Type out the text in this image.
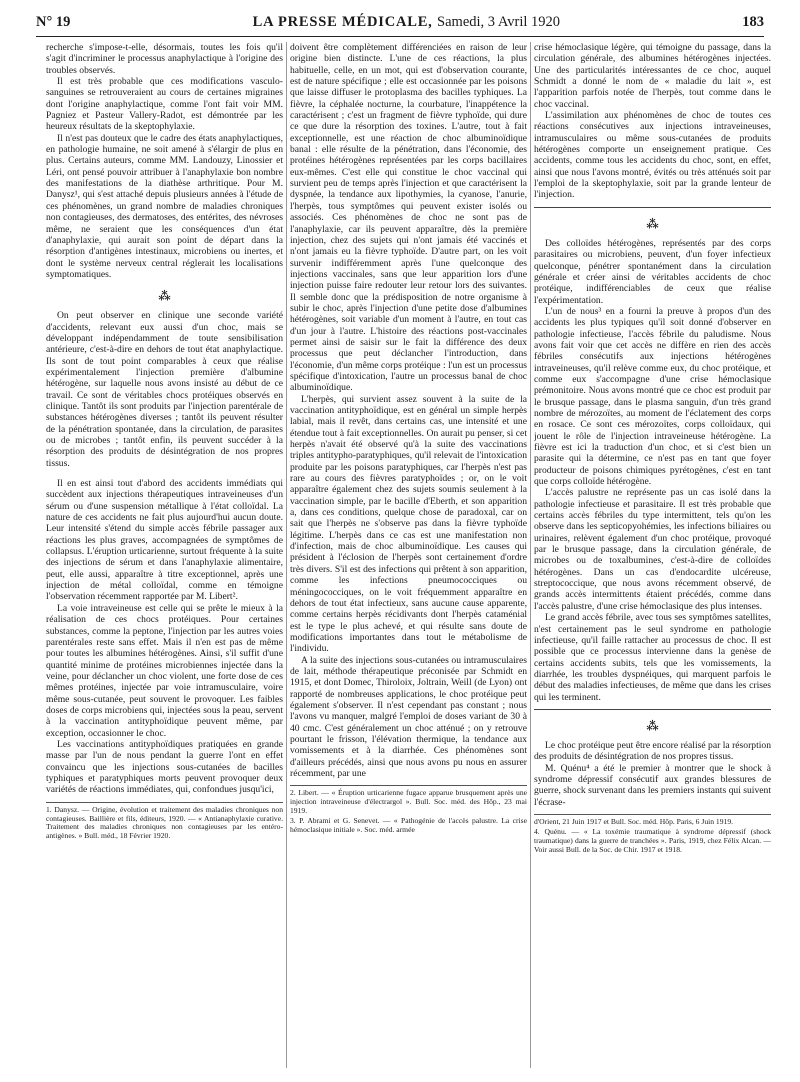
N° 19	LA PRESSE MÉDICALE, Samedi, 3 Avril 1920	183

recherche s'impose-t-elle, désormais, toutes les fois qu'il s'agit d'incriminer le processus anaphylactique à l'origine des troubles observés.

Il est très probable que ces modifications vasculo-sanguines se retrouveraient au cours de certaines migraines dont l'origine anaphylactique, comme l'ont fait voir MM. Pagniez et Pasteur Vallery-Radot, est démontrée par les heureux résultats de la skeptophylaxie.

Il n'est pas douteux que le cadre des états anaphylactiques, en pathologie humaine, ne soit amené à s'élargir de plus en plus. Certains auteurs, comme MM. Landouzy, Linossier et Léri, ont pensé pouvoir attribuer à l'anaphylaxie bon nombre des manifestations de la diathèse arthritique. Pour M. Danysz¹, qui s'est attaché depuis plusieurs années à l'étude de ces phénomènes, un grand nombre de maladies chroniques non contagieuses, des dermatoses, des entérites, des névroses même, ne seraient que les conséquences d'un état d'anaphylaxie, qui aurait son point de départ dans la résorption d'antigènes intestinaux, microbiens ou inertes, et dont le système nerveux central réglerait les localisations symptomatiques.

⁂

On peut observer en clinique une seconde variété d'accidents, relevant eux aussi d'un choc, mais se développant indépendamment de toute sensibilisation antérieure, c'est-à-dire en dehors de tout état anaphylactique. Ils sont de tout point comparables à ceux que réalise expérimentalement l'injection première d'albumine hétérogène, sur laquelle nous avons insisté au début de ce travail. Ce sont de véritables chocs protéiques observés en clinique. Tantôt ils sont produits par l'injection parentérale de substances hétérogènes diverses ; tantôt ils peuvent résulter de la pénétration spontanée, dans la circulation, de parasites ou de microbes ; tantôt enfin, ils peuvent succéder à la résorption des produits de désintégration de nos propres tissus.

Il en est ainsi tout d'abord des accidents immédiats qui succèdent aux injections thérapeutiques intraveineuses d'un sérum ou d'une suspension métallique à l'état colloïdal. La nature de ces accidents ne fait plus aujourd'hui aucun doute. Leur intensité s'étend du simple accès fébrile passager aux réactions les plus graves, accompagnées de symptômes de collapsus. L'éruption urticarienne, surtout fréquente à la suite des injections de sérum et dans l'anaphylaxie alimentaire, peut, elle aussi, apparaître à titre exceptionnel, après une injection de métal colloïdal, comme en témoigne l'observation récemment rapportée par M. Libert².

La voie intraveineuse est celle qui se prête le mieux à la réalisation de ces chocs protéiques. Pour certaines substances, comme la peptone, l'injection par les autres voies parentérales reste sans effet. Mais il n'en est pas de même pour toutes les albumines hétérogènes. Ainsi, s'il suffit d'une quantité minime de protéines microbiennes injectée dans la veine, pour déclancher un choc violent, une forte dose de ces mêmes protéines, injectée par voie intramusculaire, voire même sous-cutanée, peut souvent le provoquer. Les faibles doses de corps microbiens qui, injectées sous la peau, servent à la vaccination antityphoïdique peuvent même, par exception, occasionner le choc.

Les vaccinations antityphoïdiques pratiquées en grande masse par l'un de nous pendant la guerre l'ont en effet convaincu que les injections sous-cutanées de bacilles typhiques et paratyphiques morts peuvent provoquer deux variétés de réactions immédiates, qui, confondues jusqu'ici,

1. Danysz. — Origine, évolution et traitement des maladies chroniques non contagieuses. Baillière et fils, éditeurs, 1920. — « Antianaphylaxie curative. Traitement des maladies chroniques non contagieuses par les entéro-antigènes. » Bull. méd., 18 Février 1920.

doivent être complètement différenciées en raison de leur origine bien distincte. L'une de ces réactions, la plus habituelle, celle, en un mot, qui est d'observation courante, est de nature spécifique ; elle est occasionnée par les poisons que laisse diffuser le protoplasma des bacilles typhiques. La fièvre, la céphalée nocturne, la courbature, l'inappétence la caractérisent ; c'est un fragment de fièvre typhoïde, qui dure ce que dure la résorption des toxines. L'autre, tout à fait exceptionnelle, est une réaction de choc albuminoïdique banal : elle résulte de la pénétration, dans l'économie, des protéines hétérogènes représentées par les corps bacillaires eux-mêmes. C'est elle qui constitue le choc vaccinal qui survient peu de temps après l'injection et que caractérisent la dyspnée, la tendance aux lipothymies, la cyanose, l'anurie, l'herpès, tous symptômes qui peuvent exister isolés ou associés. Ces phénomènes de choc ne sont pas de l'anaphylaxie, car ils peuvent apparaître, dès la première injection, chez des sujets qui n'ont jamais été vaccinés et n'ont jamais eu la fièvre typhoïde. D'autre part, on les voit survenir indifféremment après l'une quelconque des injections vaccinales, sans que leur apparition lors d'une injection puisse faire redouter leur retour lors des suivantes. Il semble donc que la prédisposition de notre organisme à subir le choc, après l'injection d'une petite dose d'albumines hétérogènes, soit variable d'un moment à l'autre, en tout cas d'un jour à l'autre. L'histoire des réactions post-vaccinales permet ainsi de saisir sur le fait la différence des deux processus que peut déclancher l'introduction, dans l'économie, d'un même corps protéique : l'un est un processus spécifique d'intoxication, l'autre un processus banal de choc albuminoïdique.

L'herpès, qui survient assez souvent à la suite de la vaccination antityphoïdique, est en général un simple herpès labial, mais il revêt, dans certains cas, une intensité et une étendue tout à fait exceptionnelles. On aurait pu penser, si cet herpès n'avait été observé qu'à la suite des vaccinations triples antitypho-paratyphiques, qu'il relevait de l'intoxication produite par les poisons paratyphiques, car l'herpès n'est pas rare au cours des fièvres paratyphoïdes ; or, on le voit apparaître également chez des sujets soumis seulement à la vaccination simple, par le bacille d'Eberth, et son apparition a, dans ces conditions, quelque chose de paradoxal, car on sait que l'herpès ne s'observe pas dans la fièvre typhoïde légitime. L'herpès dans ce cas est une manifestation non d'infection, mais de choc albuminoïdique. Les causes qui président à l'éclosion de l'herpès sont certainement d'ordre très divers. S'il est des infections qui prêtent à son apparition, comme les infections pneumococciques ou méningococciques, on le voit fréquemment apparaître en dehors de tout état infectieux, sans aucune cause apparente, comme certains herpès récidivants dont l'herpès cataménial est le type le plus achevé, et qui résulte sans doute de modifications importantes dans tout le métabolisme de l'individu.

A la suite des injections sous-cutanées ou intramusculaires de lait, méthode thérapeutique préconisée par Schmidt en 1915, et dont Domec, Thiroloix, Joltrain, Weill (de Lyon) ont rapporté de nombreuses applications, le choc protéique peut également s'observer. Il n'est cependant pas constant ; nous l'avons vu manquer, malgré l'emploi de doses variant de 30 à 40 cmc. C'est généralement un choc atténué ; on y retrouve pourtant le frisson, l'élévation thermique, la tendance aux vomissements et à la diarrhée. Ces phénomènes sont d'ailleurs précédés, ainsi que nous avons pu nous en assurer récemment, par une

2. Libert. — « Éruption urticarienne fugace apparue brusquement après une injection intraveineuse d'électrargol ». Bull. Soc. méd. des Hôp., 23 mai 1919.

3. P. Abrami et G. Senevet. — « Pathogénie de l'accès palustre. La crise hémoclasique initiale ». Soc. méd. armée

crise hémoclasique légère, qui témoigne du passage, dans la circulation générale, des albumines hétérogènes injectées. Une des particularités intéressantes de ce choc, auquel Schmidt a donné le nom de « maladie du lait », est l'apparition parfois notée de l'herpès, tout comme dans le choc vaccinal.

L'assimilation aux phénomènes de choc de toutes ces réactions consécutives aux injections intraveineuses, intramusculaires ou même sous-cutanées de produits hétérogènes comporte un enseignement pratique. Ces accidents, comme tous les accidents du choc, sont, en effet, ainsi que nous l'avons montré, évités ou très atténués soit par l'emploi de la skeptophylaxie, soit par la grande lenteur de l'injection.

⁂

Des colloïdes hétérogènes, représentés par des corps parasitaires ou microbiens, peuvent, d'un foyer infectieux quelconque, pénétrer spontanément dans la circulation générale et créer ainsi de véritables accidents de choc protéique, indifférenciables de ceux que réalise l'expérimentation.

L'un de nous³ en a fourni la preuve à propos d'un des accidents les plus typiques qu'il soit donné d'observer en pathologie infectieuse, l'accès fébrile du paludisme. Nous avons fait voir que cet accès ne diffère en rien des accès fébriles consécutifs aux injections hétérogènes intraveineuses, qu'il relève comme eux, du choc protéique, et comme eux s'accompagne d'une crise hémoclasique prémonitoire. Nous avons montré que ce choc est produit par le brusque passage, dans le plasma sanguin, d'un très grand nombre de mérozoïtes, au moment de l'éclatement des corps en rosace. Ce sont ces mérozoïtes, corps colloïdaux, qui jouent le rôle de l'injection intraveineuse hétérogène. La fièvre est ici la traduction d'un choc, et si c'est bien un parasite qui la détermine, ce n'est pas en tant que foyer producteur de poisons chimiques pyrétogènes, c'est en tant que corps colloïde hétérogène.

L'accès palustre ne représente pas un cas isolé dans la pathologie infectieuse et parasitaire. Il est très probable que certains accès fébriles du type intermittent, tels qu'on les observe dans les septicopyohémies, les infections biliaires ou urinaires, relèvent également d'un choc protéique, provoqué par le brusque passage, dans la circulation générale, de microbes ou de toxalbumines, c'est-à-dire de colloïdes hétérogènes. Dans un cas d'endocardite ulcéreuse, streptococcique, que nous avons récemment observé, de grands accès intermittents étaient précédés, comme dans l'accès palustre, d'une crise hémoclasique des plus intenses.

Le grand accès fébrile, avec tous ses symptômes satellites, n'est certainement pas le seul syndrome en pathologie infectieuse, qu'il faille rattacher au processus de choc. Il est possible que ce processus intervienne dans la genèse de certains accidents subits, tels que les vomissements, la diarrhée, les troubles dyspnéiques, qui marquent parfois le début des maladies infectieuses, de même que dans les crises qui les terminent.

⁂

Le choc protéique peut être encore réalisé par la résorption des produits de désintégration de nos propres tissus.

M. Quénu⁴ a été le premier à montrer que le shock à syndrome dépressif consécutif aux grandes blessures de guerre, shock survenant dans les premiers instants qui suivent l'écrase-

d'Orient, 21 Juin 1917 et Bull. Soc. méd. Hôp. Paris, 6 Juin 1919.

4. Quénu. — « La toxémie traumatique à syndrome dépressif (shock traumatique) dans la guerre de tranchées ». Paris, 1919, chez Félix Alcan. — Voir aussi Bull. de la Soc. de Chir. 1917 et 1918.
